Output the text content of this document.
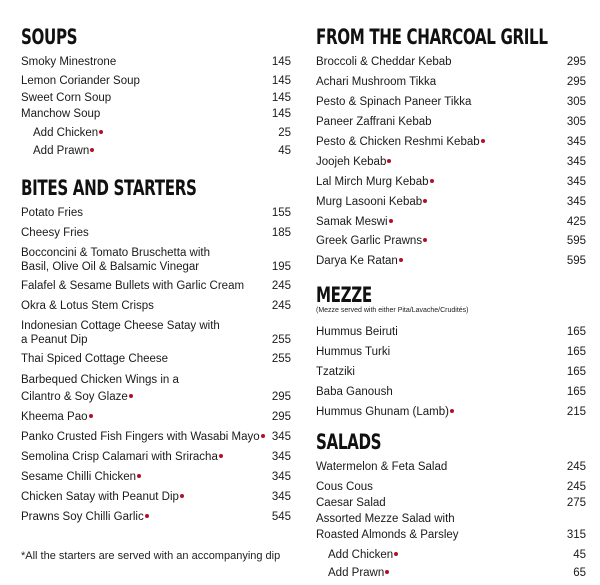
SOUPS
Smoky Minestrone	145
Lemon Coriander Soup	145
Sweet Corn Soup	145
Manchow Soup	145
Add Chicken	25
Add Prawn	45
BITES AND STARTERS
Potato Fries	155
Cheesy Fries	185
Bocconcini & Tomato Bruschetta with
Basil, Olive Oil & Balsamic Vinegar	195
Falafel & Sesame Bullets with Garlic Cream 245
Okra & Lotus Stem Crisps	245
Indonesian Cottage Cheese Satay with
a Peanut Dip	255
Thai Spiced Cottage Cheese	255
Barbequed Chicken Wings in a
Cilantro & Soy Glaze	295
Kheema Pao	295
Panko Crusted Fish Fingers with Wasabi Mayo	345
Semolina Crisp Calamari with Sriracha	345
Sesame Chilli Chicken	345
Chicken Satay with Peanut Dip	345
Prawns Soy Chilli Garlic	545
*All the starters are served with an accompanying dip
FROM THE CHARCOAL GRILL
Broccoli & Cheddar Kebab	295
Achari Mushroom Tikka	295
Pesto & Spinach Paneer Tikka	305
Paneer Zaffrani Kebab	305
Pesto & Chicken Reshmi Kebab	345
Joojeh Kebab	345
Lal Mirch Murg Kebab	345
Murg Lasooni Kebab	345
Samak Meswi	425
Greek Garlic Prawns	595
Darya Ke Ratan	595
MEZZE
(Mezze served with either Pita/Lavache/Crudités)
Hummus Beiruti	165
Hummus Turki	165
Tzatziki	165
Baba Ganoush	165
Hummus Ghunam (Lamb)	215
SALADS
Watermelon & Feta Salad	245
Cous Cous	245
Caesar Salad	275
Assorted Mezze Salad with
Roasted Almonds & Parsley	315
Add Chicken	45
Add Prawn	65
